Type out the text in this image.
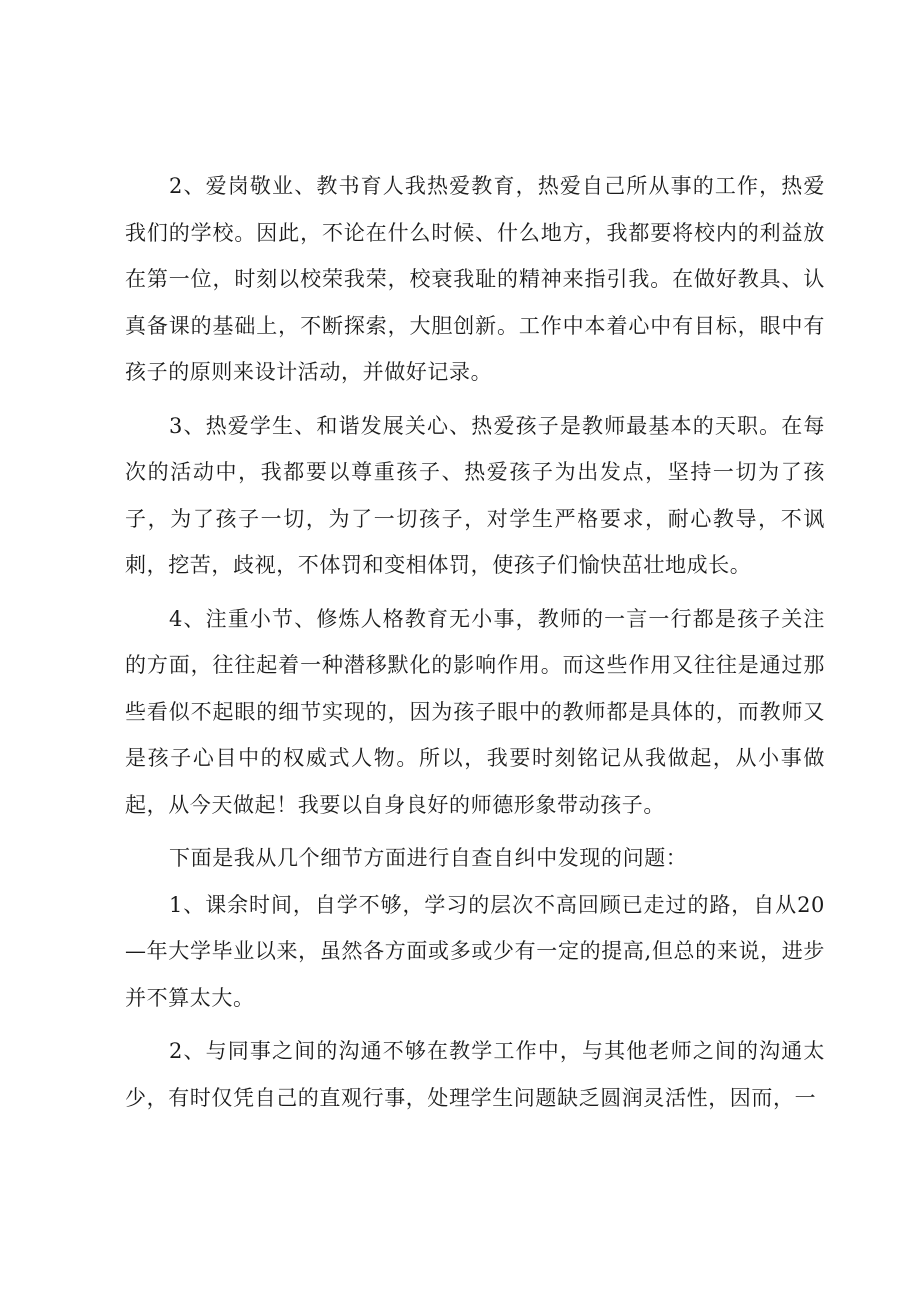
2、爱岗敬业、教书育人我热爱教育，热爱自己所从事的工作，热爱我们的学校。因此，不论在什么时候、什么地方，我都要将校内的利益放在第一位，时刻以校荣我荣，校衰我耻的精神来指引我。在做好教具、认真备课的基础上，不断探索，大胆创新。工作中本着心中有目标，眼中有孩子的原则来设计活动，并做好记录。

3、热爱学生、和谐发展关心、热爱孩子是教师最基本的天职。在每次的活动中，我都要以尊重孩子、热爱孩子为出发点，坚持一切为了孩子，为了孩子一切，为了一切孩子，对学生严格要求，耐心教导，不讽刺，挖苦，歧视，不体罚和变相体罚，使孩子们愉快茁壮地成长。

4、注重小节、修炼人格教育无小事，教师的一言一行都是孩子关注的方面，往往起着一种潜移默化的影响作用。而这些作用又往往是通过那些看似不起眼的细节实现的，因为孩子眼中的教师都是具体的，而教师又是孩子心目中的权威式人物。所以，我要时刻铭记从我做起，从小事做起，从今天做起！我要以自身良好的师德形象带动孩子。

下面是我从几个细节方面进行自查自纠中发现的问题：

1、课余时间，自学不够，学习的层次不高回顾已走过的路，自从20—年大学毕业以来，虽然各方面或多或少有一定的提高,但总的来说，进步并不算太大。

2、与同事之间的沟通不够在教学工作中，与其他老师之间的沟通太少，有时仅凭自己的直观行事，处理学生问题缺乏圆润灵活性，因而，一
